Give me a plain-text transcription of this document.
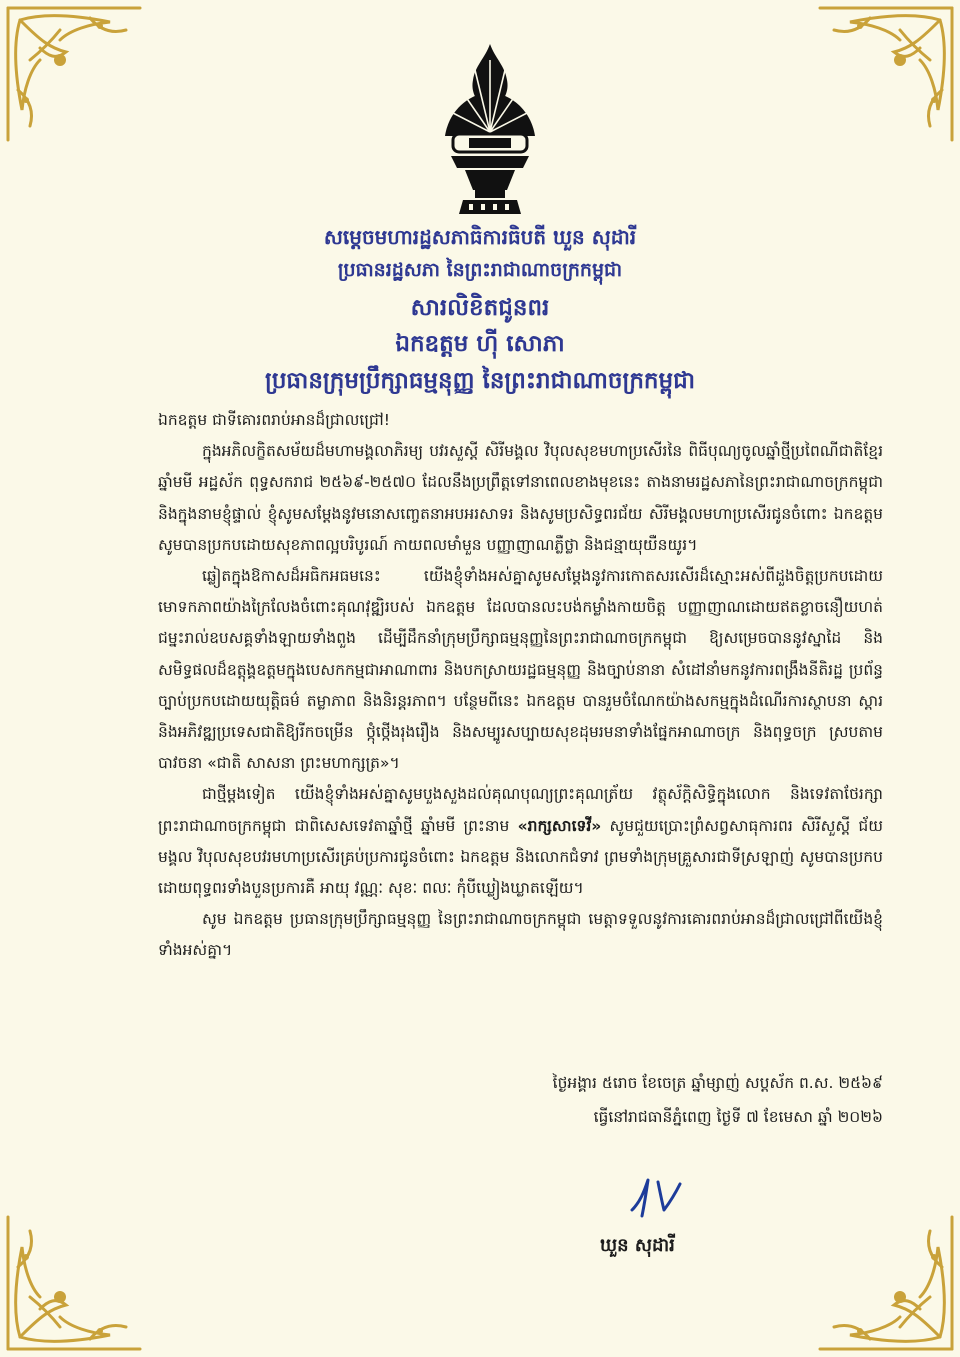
សម្តេចមហារដ្ឋសភាធិការធិបតី ឃួន សុដារី
ប្រធានរដ្ឋសភា នៃព្រះរាជាណាចក្រកម្ពុជា
សារលិខិតជូនពរ
ឯកឧត្តម ហ៊ី សោភា
ប្រធានក្រុមប្រឹក្សាធម្មនុញ្ញ នៃព្រះរាជាណាចក្រកម្ពុជា

ឯកឧត្តម ជាទីគោរពរាប់អានដ៏ជ្រាលជ្រៅ!

ក្នុងអភិលក្ខិតសម័យដ៏មហាមង្គលាភិរម្យ បវរសួស្តី សិរីមង្គល វិបុលសុខមហាប្រសើរនៃ ពិធីបុណ្យចូលឆ្នាំថ្មីប្រពៃណីជាតិខ្មែរ ឆ្នាំមមី អដ្ឋស័ក ពុទ្ធសករាជ ២៥៦៩-២៥៧០ ដែលនឹងប្រព្រឹត្តទៅនាពេលខាងមុខនេះ តាងនាមរដ្ឋសភានៃព្រះរាជាណាចក្រកម្ពុជា និងក្នុងនាមខ្ញុំផ្ទាល់ ខ្ញុំសូមសម្តែងនូវមនោសញ្ចេតនាអបអរសាទរ និងសូមប្រសិទ្ធពរជ័យ សិរីមង្គលមហាប្រសើរជូនចំពោះ ឯកឧត្តម សូមបានប្រកបដោយសុខភាពល្អបរិបូរណ៍ កាយពលមាំមួន បញ្ញាញាណភ្លឺថ្លា និងជន្មាយុយឺនយូរ។

ឆ្លៀតក្នុងឱកាសដ៏អធិកអធមនេះ យើងខ្ញុំទាំងអស់គ្នាសូមសម្តែងនូវការកោតសរសើរដ៏ស្មោះអស់ពីដួងចិត្តប្រកបដោយមោទកភាពយ៉ាងក្រៃលែងចំពោះគុណវុឌ្ឍិរបស់ ឯកឧត្តម ដែលបានលះបង់កម្លាំងកាយចិត្ត បញ្ញាញាណដោយឥតខ្លាចនឿយហត់ ជម្នះរាល់ឧបសគ្គទាំងឡាយទាំងពួង ដើម្បីដឹកនាំក្រុមប្រឹក្សាធម្មនុញ្ញនៃព្រះរាជាណាចក្រកម្ពុជា ឱ្យសម្រេចបាននូវស្នាដៃ និងសមិទ្ធផលដ៏ឧត្តុង្គឧត្តមក្នុងបេសកកម្មជាអាណាពារ និងបកស្រាយរដ្ឋធម្មនុញ្ញ និងច្បាប់នានា សំដៅនាំមកនូវការពង្រឹងនីតិរដ្ឋ ប្រព័ន្ធច្បាប់ប្រកបដោយយុត្តិធម៌ តម្លាភាព និងនិរន្តរភាព។ បន្ថែមពីនេះ ឯកឧត្តម បានរួមចំណែកយ៉ាងសកម្មក្នុងដំណើរការស្ថាបនា ស្តារ និងអភិវឌ្ឍប្រទេសជាតិឱ្យរីកចម្រើន ថ្កុំថ្កើងរុងរឿង និងសម្បូរសប្បាយសុខដុមរមនាទាំងផ្នែកអាណាចក្រ និងពុទ្ធចក្រ ស្របតាមបាវចនា «ជាតិ សាសនា ព្រះមហាក្សត្រ»។

ជាថ្មីម្តងទៀត យើងខ្ញុំទាំងអស់គ្នាសូមបួងសួងដល់គុណបុណ្យព្រះគុណត្រ័យ វត្ថុស័ក្តិសិទ្ធិក្នុងលោក និងទេវតាថែរក្សាព្រះរាជាណាចក្រកម្ពុជា ជាពិសេសទេវតាឆ្នាំថ្មី ឆ្នាំមមី ព្រះនាម «រាក្សសាទេវី» សូមជួយប្រោះព្រំសព្វសាធុការពរ សិរីសួស្តី ជ័យមង្គល វិបុលសុខបវរមហាប្រសើរគ្រប់ប្រការជូនចំពោះ ឯកឧត្តម និងលោកជំទាវ ព្រមទាំងក្រុមគ្រួសារជាទីស្រឡាញ់ សូមបានប្រកបដោយពុទ្ធពរទាំងបួនប្រការគឺ អាយុ វណ្ណៈ សុខៈ ពលៈ កុំបីឃ្លៀងឃ្លាតឡើយ។

សូម ឯកឧត្តម ប្រធានក្រុមប្រឹក្សាធម្មនុញ្ញ នៃព្រះរាជាណាចក្រកម្ពុជា មេត្តាទទួលនូវការគោរពរាប់អានដ៏ជ្រាលជ្រៅពីយើងខ្ញុំទាំងអស់គ្នា។

ថ្ងៃអង្គារ ៥រោច ខែចេត្រ ឆ្នាំម្សាញ់ សប្តស័ក ព.ស. ២៥៦៩
ធ្វើនៅរាជធានីភ្នំពេញ ថ្ងៃទី ៧ ខែមេសា ឆ្នាំ ២០២៦
ឃួន សុដារី
